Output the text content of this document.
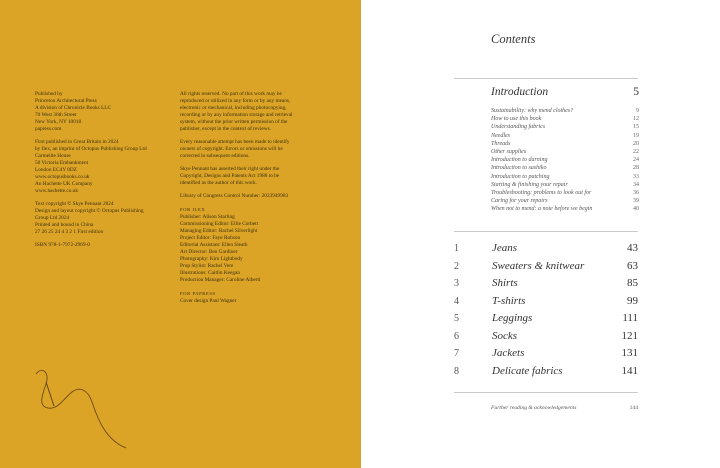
Published by
Princeton Architectural Press
A division of Chronicle Books LLC
70 West 36th Street
New York, NY 10018
papress.com

First published in Great Britain in 2024
by Ilex, an imprint of Octopus Publishing Group Ltd
Carmelite House
50 Victoria Embankment
London EC4Y 0DZ
www.octopusbooks.co.uk
An Hachette UK Company
www.hachette.co.uk

Text copyright © Skye Pennant 2024
Design and layout copyright © Octopus Publishing
Group Ltd 2024
Printed and bound in China
27 26 25 24 4 3 2 1 First edition

ISBN 978-1-7972-2969-0

All rights reserved. No part of this work may be
reproduced or utilized in any form or by any means,
electronic or mechanical, including photocopying,
recording or by any information storage and retrieval
system, without the prior written permission of the
publisher, except in the context of reviews.

Every reasonable attempt has been made to identify
owners of copyright. Errors or omissions will be
corrected in subsequent editions.

Skye Pennant has asserted their right under the
Copyright, Designs and Patents Act 1988 to be
identified as the author of this work.

Library of Congress Control Number: 2023949983

FOR ILEX

Publisher: Alison Starling
Commissioning Editor: Ellie Corbett
Managing Editor: Rachel Silverlight
Project Editor: Faye Robson
Editorial Assistant: Ellen Sleath
Art Director: Ben Gardiner
Photography: Kim Lightbody
Prop Stylist: Rachel Vere
Illustrations: Caitlin Keegan
Production Manager: Caroline Alberti

FOR PAPRESS

Cover design Paul Wagner

Contents
Introduction	5
Sustainability: why mend clothes?	9
How to use this book	12
Understanding fabrics	15
Needles	19
Threads	20
Other supplies	22
Introduction to darning	24
Introduction to sashiko	28
Introduction to patching	33
Starting & finishing your repair	34
Troubleshooting: problems to look out for	36
Caring for your repairs	39
When not to mend: a note before we begin	40
1	Jeans	43
2	Sweaters & knitwear	63
3	Shirts	85
4	T-shirts	99
5	Leggings	111
6	Socks	121
7	Jackets	131
8	Delicate fabrics	141
Further reading & acknowledgements	144
